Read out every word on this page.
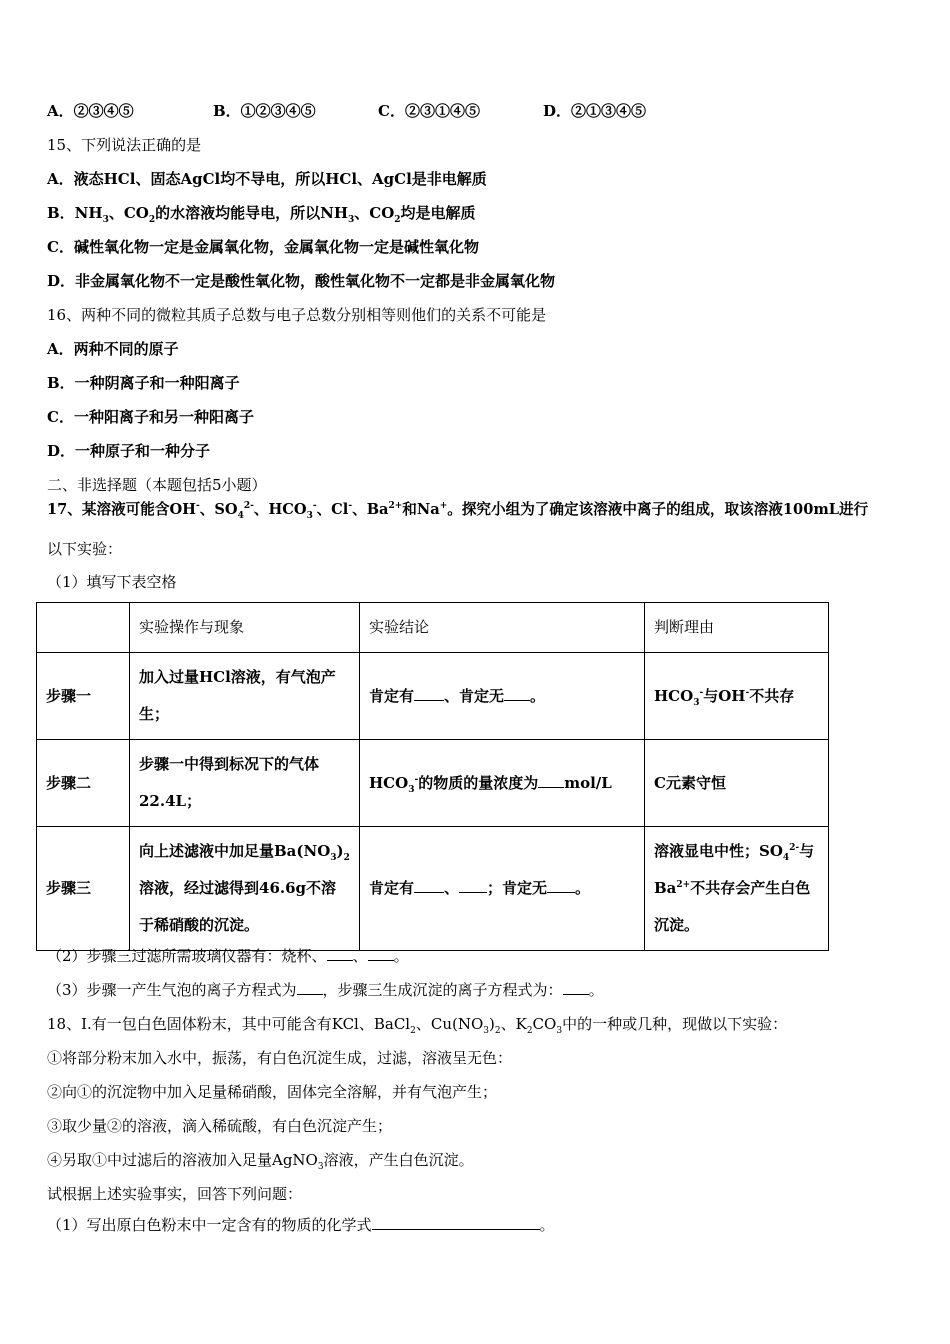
A．②③④⑤	B．①②③④⑤	C．②③①④⑤	D．②①③④⑤
15、下列说法正确的是
A．液态HCl、固态AgCl均不导电，所以HCl、AgCl是非电解质
B．$NH_3$、$CO_2$的水溶液均能导电，所以$NH_3$、$CO_2$均是电解质
C．碱性氧化物一定是金属氧化物，金属氧化物一定是碱性氧化物
D．非金属氧化物不一定是酸性氧化物，酸性氧化物不一定都是非金属氧化物
16、两种不同的微粒其质子总数与电子总数分别相等则他们的关系不可能是
A．两种不同的原子
B．一种阴离子和一种阳离子
C．一种阳离子和另一种阳离子
D．一种原子和一种分子
二、非选择题（本题包括5小题）
17、某溶液可能含OH-、$SO_4^{2-}$、$HCO_3^-$、Cl-、$Ba^{2+}$和Na+。探究小组为了确定该溶液中离子的组成，取该溶液100mL进行
以下实验：
（1）填写下表空格
	实验操作与现象	实验结论	判断理由
步骤一	加入过量HCl溶液，有气泡产生；	肯定有 、肯定无 。	$HCO_3^-$与OH-不共存
步骤二	步骤一中得到标况下的气体22.4L；	$HCO_3^-$的物质的量浓度为 mol/L	C元素守恒
步骤三	向上述滤液中加足量$Ba(NO_3)_2$溶液，经过滤得到46.6g不溶于稀硝酸的沉淀。	肯定有 、 ；肯定无 。	溶液显电中性；$SO_4^{2-}$与$Ba^{2+}$不共存会产生白色沉淀。
（2）步骤三过滤所需玻璃仪器有：烧杯、 、 。
（3）步骤一产生气泡的离子方程式为 ，步骤三生成沉淀的离子方程式为： 。
18、Ⅰ.有一包白色固体粉末，其中可能含有KCl、BaCl$_2$、$Cu(NO_3)_2$、$K_2CO_3$中的一种或几种，现做以下实验：
①将部分粉末加入水中，振荡，有白色沉淀生成，过滤，溶液呈无色：
②向①的沉淀物中加入足量稀硝酸，固体完全溶解，并有气泡产生；
③取少量②的溶液，滴入稀硫酸，有白色沉淀产生；
④另取①中过滤后的溶液加入足量AgNO$_3$溶液，产生白色沉淀。
试根据上述实验事实，回答下列问题：
（1）写出原白色粉末中一定含有的物质的化学式	。
